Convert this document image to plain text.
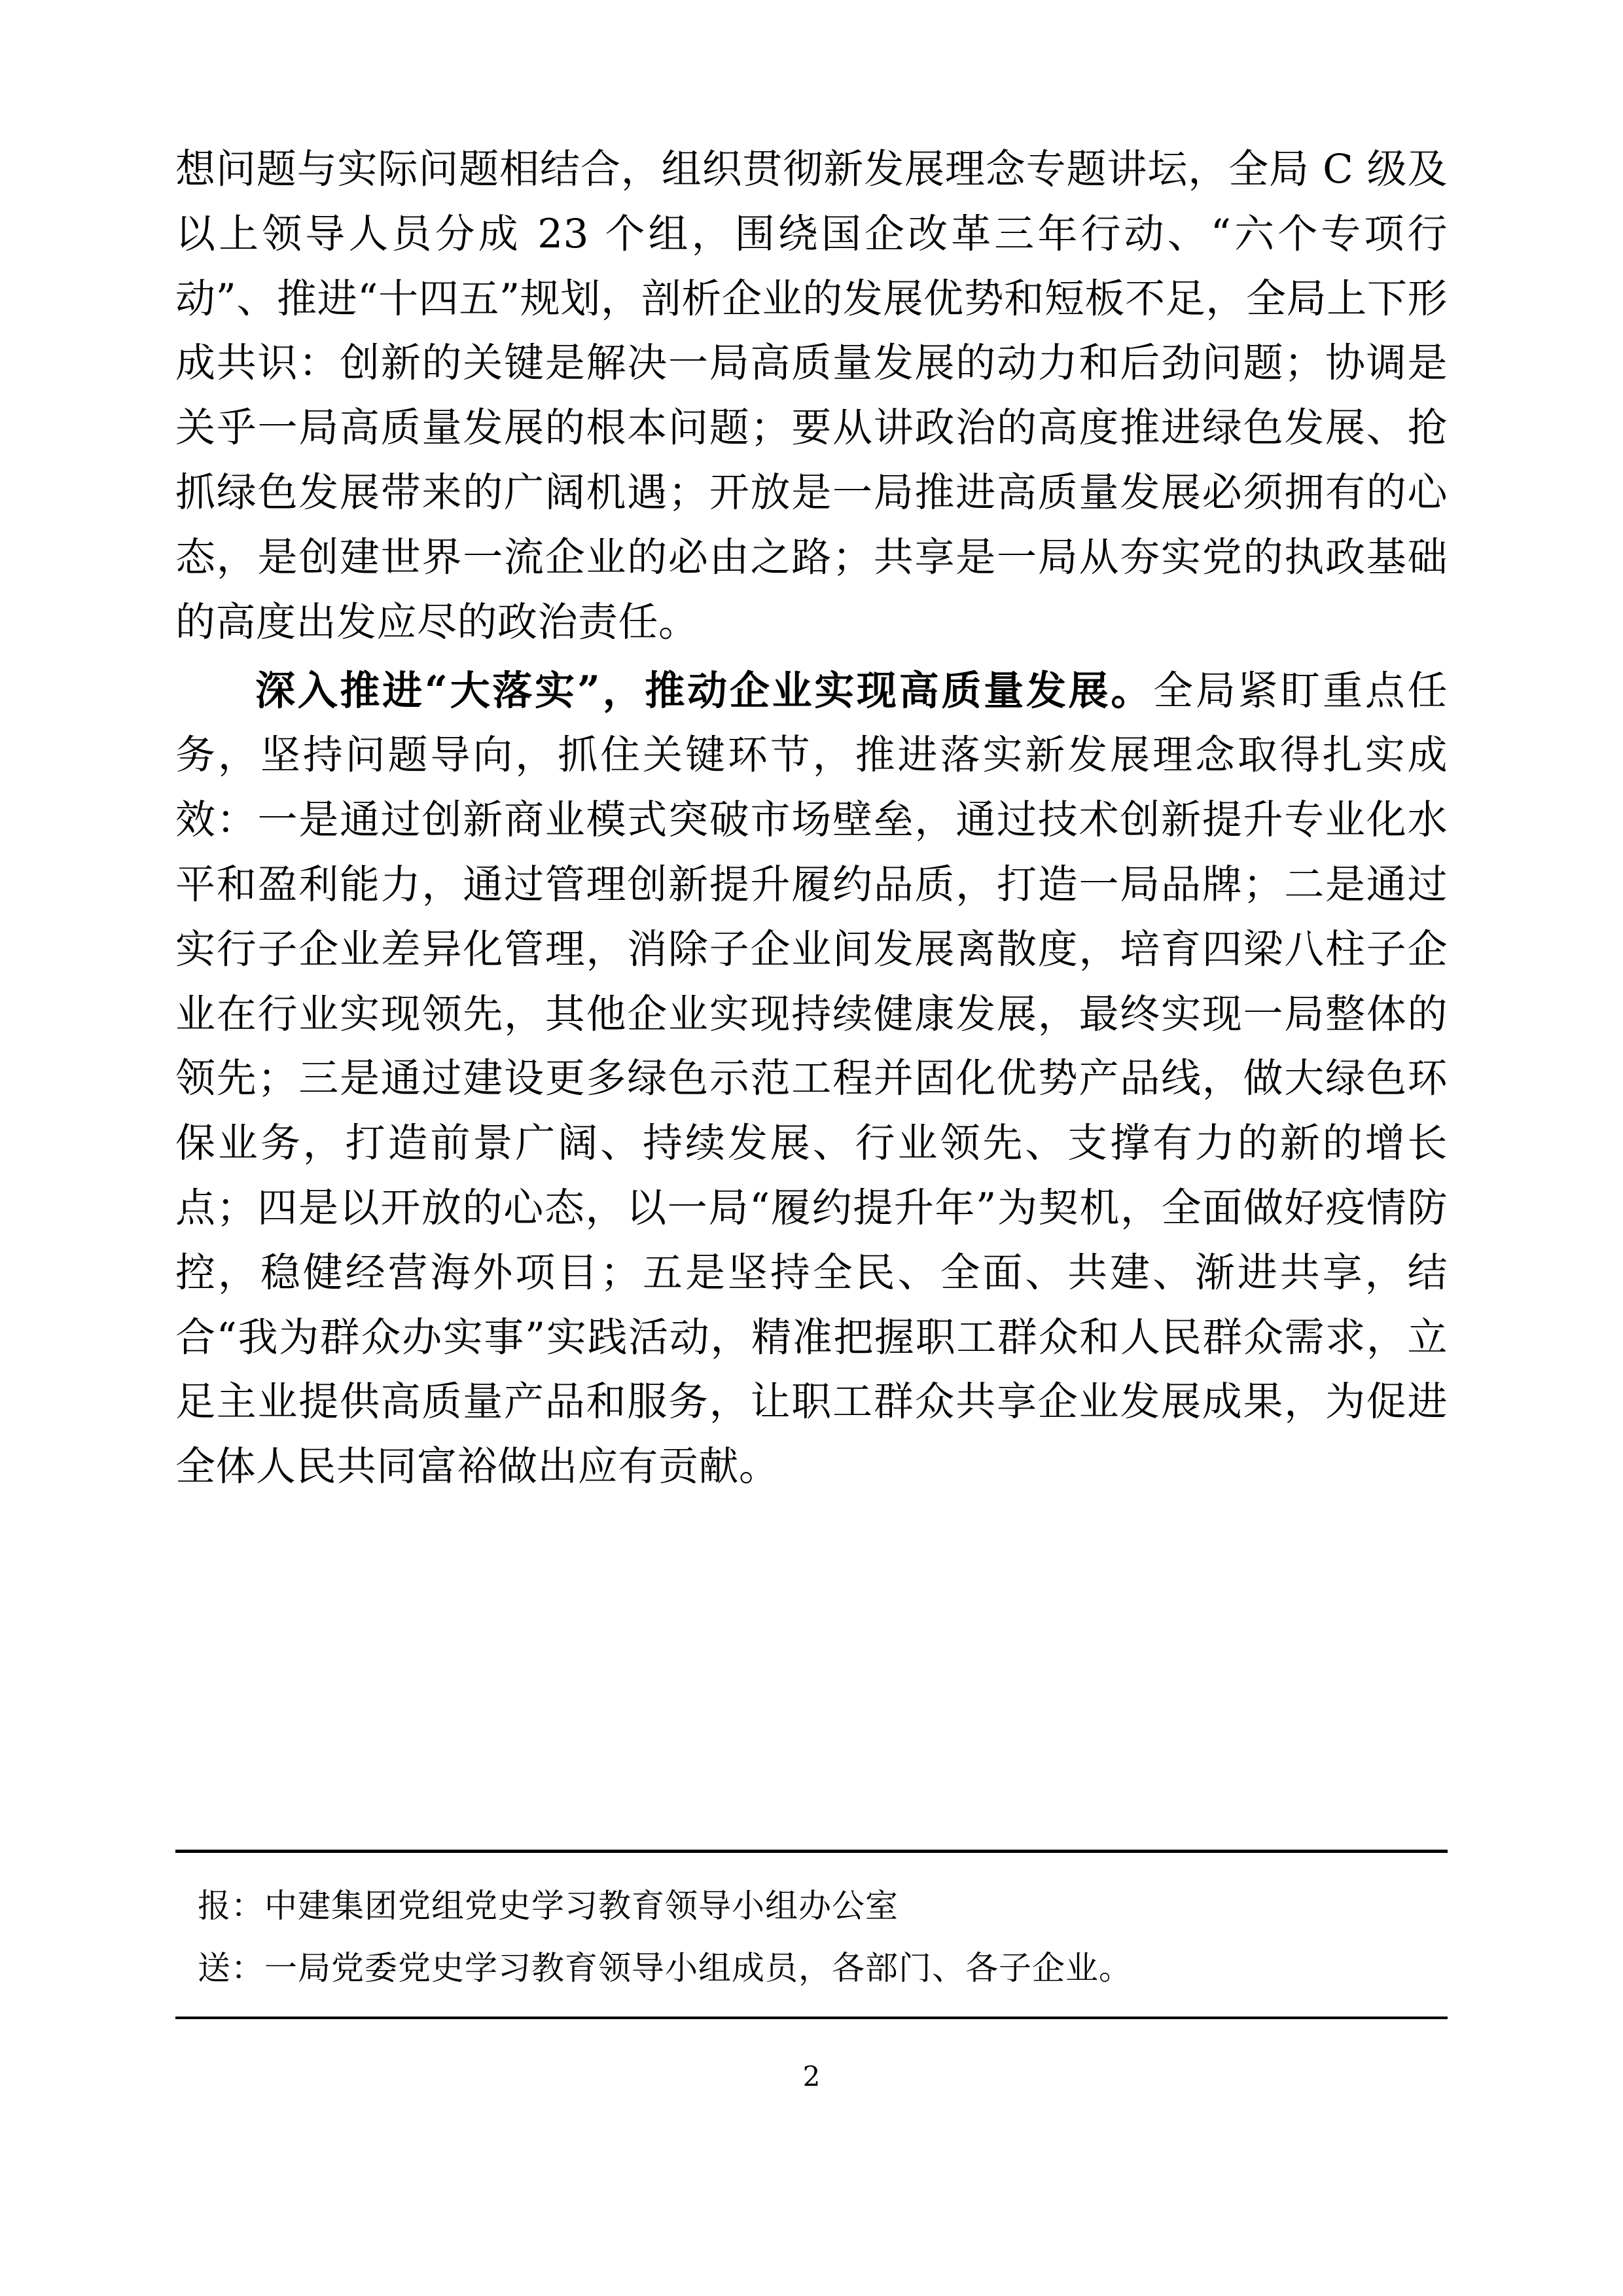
想问题与实际问题相结合，组织贯彻新发展理念专题讲坛，全局 C 级及以上领导人员分成 23 个组，围绕国企改革三年行动、“六个专项行动”、推进“十四五”规划，剖析企业的发展优势和短板不足，全局上下形成共识：创新的关键是解决一局高质量发展的动力和后劲问题；协调是关乎一局高质量发展的根本问题；要从讲政治的高度推进绿色发展、抢抓绿色发展带来的广阔机遇；开放是一局推进高质量发展必须拥有的心态，是创建世界一流企业的必由之路；共享是一局从夯实党的执政基础的高度出发应尽的政治责任。

深入推进“大落实”，推动企业实现高质量发展。全局紧盯重点任务，坚持问题导向，抓住关键环节，推进落实新发展理念取得扎实成效：一是通过创新商业模式突破市场壁垒，通过技术创新提升专业化水平和盈利能力，通过管理创新提升履约品质，打造一局品牌；二是通过实行子企业差异化管理，消除子企业间发展离散度，培育四梁八柱子企业在行业实现领先，其他企业实现持续健康发展，最终实现一局整体的领先；三是通过建设更多绿色示范工程并固化优势产品线，做大绿色环保业务，打造前景广阔、持续发展、行业领先、支撑有力的新的增长点；四是以开放的心态，以一局“履约提升年”为契机，全面做好疫情防控，稳健经营海外项目；五是坚持全民、全面、共建、渐进共享，结合“我为群众办实事”实践活动，精准把握职工群众和人民群众需求，立足主业提供高质量产品和服务，让职工群众共享企业发展成果，为促进全体人民共同富裕做出应有贡献。

报：中建集团党组党史学习教育领导小组办公室
送：一局党委党史学习教育领导小组成员，各部门、各子企业。
2
